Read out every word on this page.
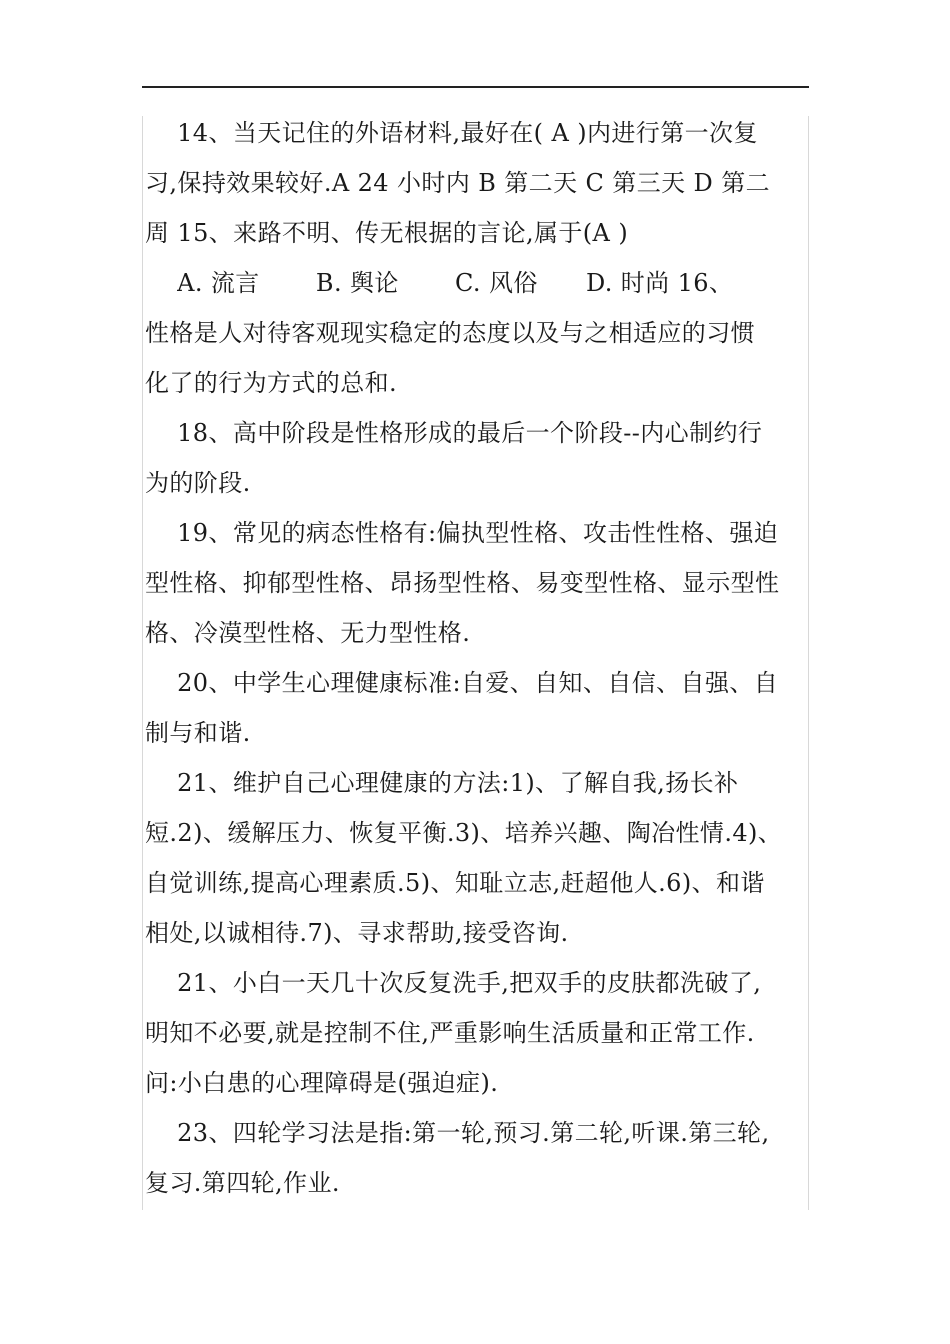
14、当天记住的外语材料,最好在( A )内进行第一次复
习,保持效果较好.A 24 小时内 B 第二天 C 第三天 D 第二
周 15、来路不明、传无根据的言论,属于(A )
A. 流言       B. 舆论       C. 风俗      D. 时尚 16、
性格是人对待客观现实稳定的态度以及与之相适应的习惯
化了的行为方式的总和.
18、高中阶段是性格形成的最后一个阶段--内心制约行
为的阶段.
19、常见的病态性格有:偏执型性格、攻击性性格、强迫
型性格、抑郁型性格、昂扬型性格、易变型性格、显示型性
格、冷漠型性格、无力型性格.
20、中学生心理健康标准:自爱、自知、自信、自强、自
制与和谐.
21、维护自己心理健康的方法:1)、了解自我,扬长补
短.2)、缓解压力、恢复平衡.3)、培养兴趣、陶冶性情.4)、
自觉训练,提高心理素质.5)、知耻立志,赶超他人.6)、和谐
相处,以诚相待.7)、寻求帮助,接受咨询.
21、小白一天几十次反复洗手,把双手的皮肤都洗破了,
明知不必要,就是控制不住,严重影响生活质量和正常工作.
问:小白患的心理障碍是(强迫症).
23、四轮学习法是指:第一轮,预习.第二轮,听课.第三轮,
复习.第四轮,作业.
